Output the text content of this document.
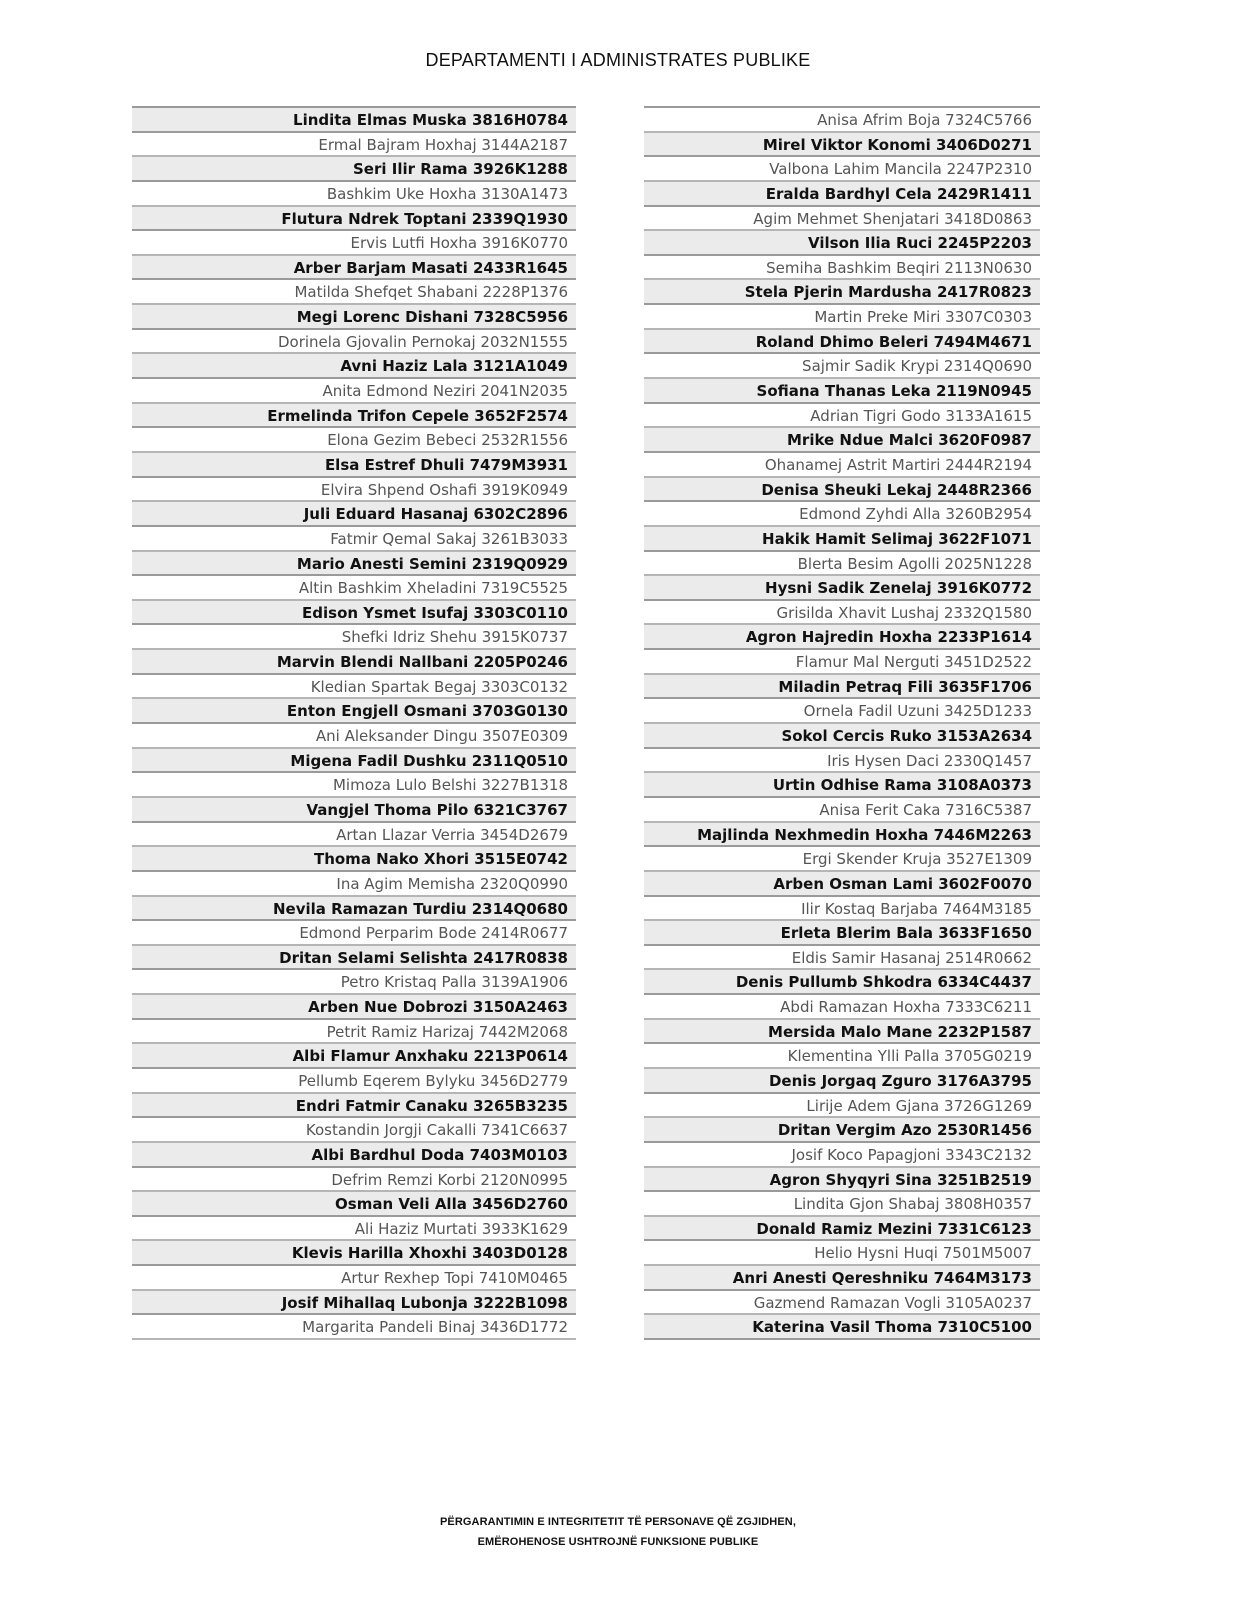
DEPARTAMENTI I ADMINISTRATES PUBLIKE
Lindita Elmas Muska 3816H0784
Ermal Bajram Hoxhaj 3144A2187
Seri Ilir Rama 3926K1288
Bashkim Uke Hoxha 3130A1473
Flutura Ndrek Toptani 2339Q1930
Ervis Lutfi Hoxha 3916K0770
Arber Barjam Masati 2433R1645
Matilda Shefqet Shabani 2228P1376
Megi Lorenc Dishani 7328C5956
Dorinela Gjovalin Pernokaj 2032N1555
Avni Haziz Lala 3121A1049
Anita Edmond Neziri 2041N2035
Ermelinda Trifon Cepele 3652F2574
Elona Gezim Bebeci 2532R1556
Elsa Estref Dhuli 7479M3931
Elvira Shpend Oshafi 3919K0949
Juli Eduard Hasanaj 6302C2896
Fatmir Qemal Sakaj 3261B3033
Mario Anesti Semini 2319Q0929
Altin Bashkim Xheladini 7319C5525
Edison Ysmet Isufaj 3303C0110
Shefki Idriz Shehu 3915K0737
Marvin Blendi Nallbani 2205P0246
Kledian Spartak Begaj 3303C0132
Enton Engjell Osmani 3703G0130
Ani Aleksander Dingu 3507E0309
Migena Fadil Dushku 2311Q0510
Mimoza Lulo Belshi 3227B1318
Vangjel Thoma Pilo 6321C3767
Artan Llazar Verria 3454D2679
Thoma Nako Xhori 3515E0742
Ina Agim Memisha 2320Q0990
Nevila Ramazan Turdiu 2314Q0680
Edmond Perparim Bode 2414R0677
Dritan Selami Selishta 2417R0838
Petro Kristaq Palla 3139A1906
Arben Nue Dobrozi 3150A2463
Petrit Ramiz Harizaj 7442M2068
Albi Flamur Anxhaku 2213P0614
Pellumb Eqerem Bylyku 3456D2779
Endri Fatmir Canaku 3265B3235
Kostandin Jorgji Cakalli 7341C6637
Albi Bardhul Doda 7403M0103
Defrim Remzi Korbi 2120N0995
Osman Veli Alla 3456D2760
Ali Haziz Murtati 3933K1629
Klevis Harilla Xhoxhi 3403D0128
Artur Rexhep Topi 7410M0465
Josif Mihallaq Lubonja 3222B1098
Margarita Pandeli Binaj 3436D1772
Anisa Afrim Boja 7324C5766
Mirel Viktor Konomi 3406D0271
Valbona Lahim Mancila 2247P2310
Eralda Bardhyl Cela 2429R1411
Agim Mehmet Shenjatari 3418D0863
Vilson Ilia Ruci 2245P2203
Semiha Bashkim Beqiri 2113N0630
Stela Pjerin Mardusha 2417R0823
Martin Preke Miri 3307C0303
Roland Dhimo Beleri 7494M4671
Sajmir Sadik Krypi 2314Q0690
Sofiana Thanas Leka 2119N0945
Adrian Tigri Godo 3133A1615
Mrike Ndue Malci 3620F0987
Ohanamej Astrit Martiri 2444R2194
Denisa Sheuki Lekaj 2448R2366
Edmond Zyhdi Alla 3260B2954
Hakik Hamit Selimaj 3622F1071
Blerta Besim Agolli 2025N1228
Hysni Sadik Zenelaj 3916K0772
Grisilda Xhavit Lushaj 2332Q1580
Agron Hajredin Hoxha 2233P1614
Flamur Mal Nerguti 3451D2522
Miladin Petraq Fili 3635F1706
Ornela Fadil Uzuni 3425D1233
Sokol Cercis Ruko 3153A2634
Iris Hysen Daci 2330Q1457
Urtin Odhise Rama 3108A0373
Anisa Ferit Caka 7316C5387
Majlinda Nexhmedin Hoxha 7446M2263
Ergi Skender Kruja 3527E1309
Arben Osman Lami 3602F0070
Ilir Kostaq Barjaba 7464M3185
Erleta Blerim Bala 3633F1650
Eldis Samir Hasanaj 2514R0662
Denis Pullumb Shkodra 6334C4437
Abdi Ramazan Hoxha 7333C6211
Mersida Malo Mane 2232P1587
Klementina Ylli Palla 3705G0219
Denis Jorgaq Zguro 3176A3795
Lirije Adem Gjana 3726G1269
Dritan Vergim Azo 2530R1456
Josif Koco Papagjoni 3343C2132
Agron Shyqyri Sina 3251B2519
Lindita Gjon Shabaj 3808H0357
Donald Ramiz Mezini 7331C6123
Helio Hysni Huqi 7501M5007
Anri Anesti Qereshniku 7464M3173
Gazmend Ramazan Vogli 3105A0237
Katerina Vasil Thoma 7310C5100
PËRGARANTIMIN E INTEGRITETIT TË PERSONAVE QË ZGJIDHEN,
EMËROHENOSE USHTROJNË FUNKSIONE PUBLIKE
